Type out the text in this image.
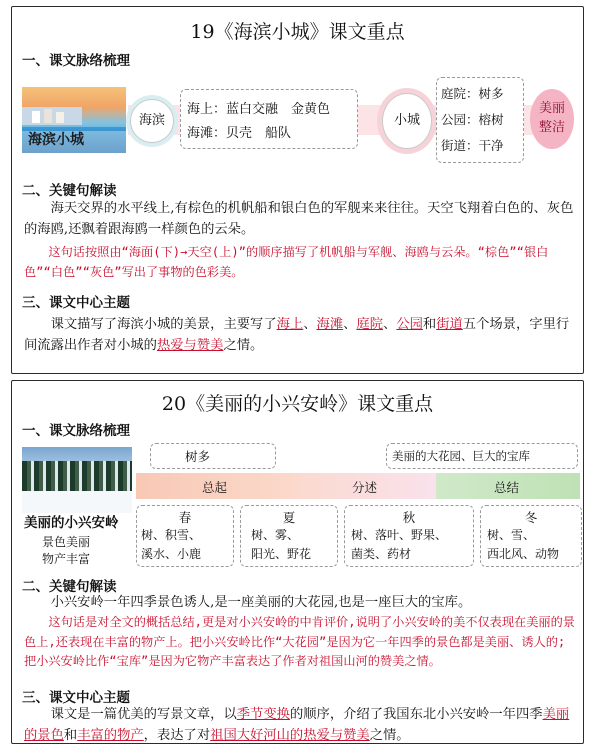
19《海滨小城》课文重点
一、课文脉络梳理
海滨小城
海滨
海上：蓝白交融　金黄色
海滩：贝壳　船队
小城
庭院：树多
公园：榕树
街道：干净
美丽整洁
二、关键句解读
海天交界的水平线上,有棕色的机帆船和银白色的军舰来来往往。天空飞翔着白色的、灰色的海鸥,还飘着跟海鸥一样颜色的云朵。
这句话按照由“海面(下)→天空(上)”的顺序描写了机帆船与军舰、海鸥与云朵。“棕色”“银白色”“白色”“灰色”写出了事物的色彩美。
三、课文中心主题
课文描写了海滨小城的美景，主要写了海上、海滩、庭院、公园和街道五个场景，字里行间流露出作者对小城的热爱与赞美之情。
20《美丽的小兴安岭》课文重点
一、课文脉络梳理
美丽的小兴安岭
景色美丽
物产丰富
树多	美丽的大花园、巨大的宝库
总起	分述	总结
春
树、积雪、
溪水、小鹿
夏
树、雾、
阳光、野花
秋
树、落叶、野果、
菌类、药材
冬
树、雪、
西北风、动物
二、关键句解读
小兴安岭一年四季景色诱人,是一座美丽的大花园,也是一座巨大的宝库。
这句话是对全文的概括总结,更是对小兴安岭的中肯评价,说明了小兴安岭的美不仅表现在美丽的景色上,还表现在丰富的物产上。把小兴安岭比作“大花园”是因为它一年四季的景色都是美丽、诱人的;把小兴安岭比作“宝库”是因为它物产丰富表达了作者对祖国山河的赞美之情。
三、课文中心主题
课文是一篇优美的写景文章，以季节变换的顺序，介绍了我国东北小兴安岭一年四季美丽的景色和丰富的物产，表达了对祖国大好河山的热爱与赞美之情。
